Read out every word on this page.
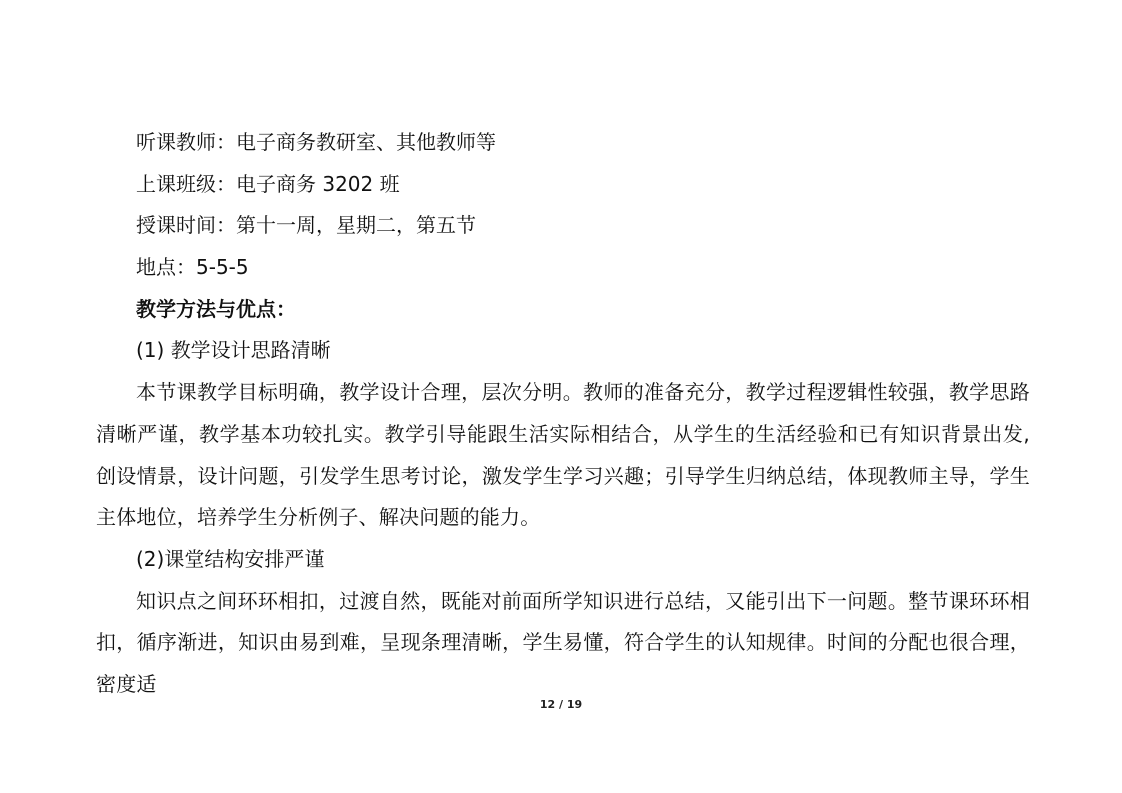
听课教师：电子商务教研室、其他教师等

上课班级：电子商务 3202 班

授课时间：第十一周，星期二，第五节

地点：5-5-5

教学方法与优点：

(1) 教学设计思路清晰

本节课教学目标明确，教学设计合理，层次分明。教师的准备充分，教学过程逻辑性较强，教学思路清晰严谨，教学基本功较扎实。教学引导能跟生活实际相结合，从学生的生活经验和已有知识背景出发,创设情景，设计问题，引发学生思考讨论，激发学生学习兴趣；引导学生归纳总结，体现教师主导，学生主体地位，培养学生分析例子、解决问题的能力。

(2)课堂结构安排严谨

知识点之间环环相扣，过渡自然，既能对前面所学知识进行总结，又能引出下一问题。整节课环环相扣，循序渐进，知识由易到难，呈现条理清晰，学生易懂，符合学生的认知规律。时间的分配也很合理，密度适

12 / 19
